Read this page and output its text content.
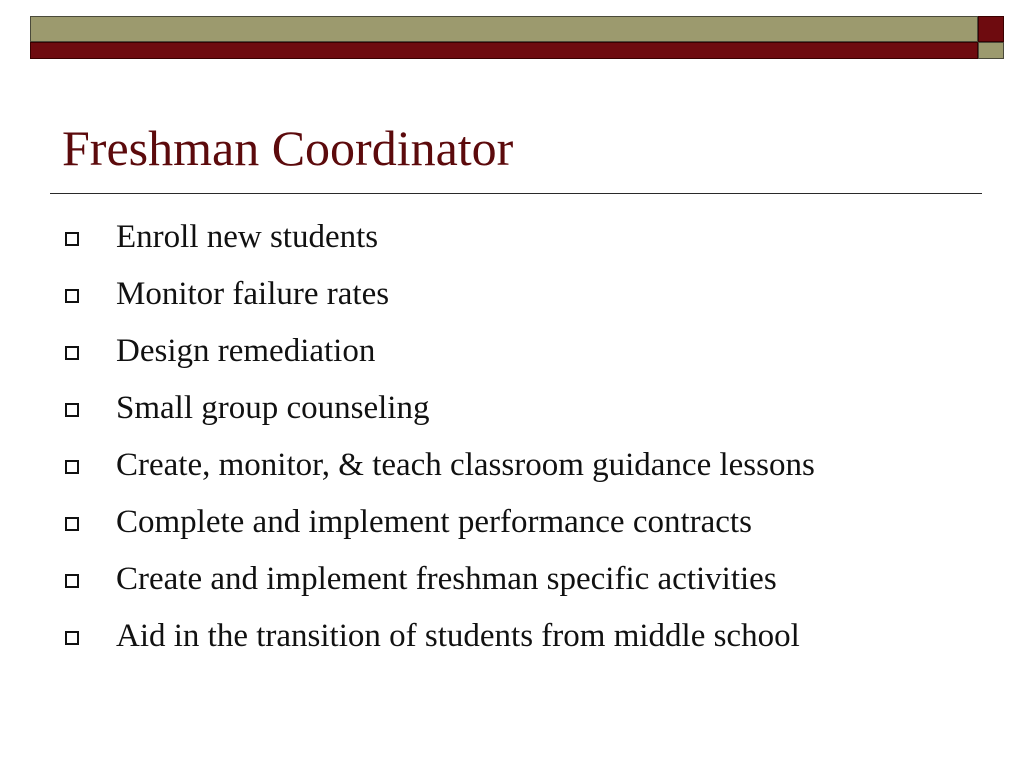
Freshman Coordinator
Enroll new students
Monitor failure rates
Design remediation
Small group counseling
Create, monitor, & teach classroom guidance lessons
Complete and implement performance contracts
Create and implement freshman specific activities
Aid in the transition of students from middle school
